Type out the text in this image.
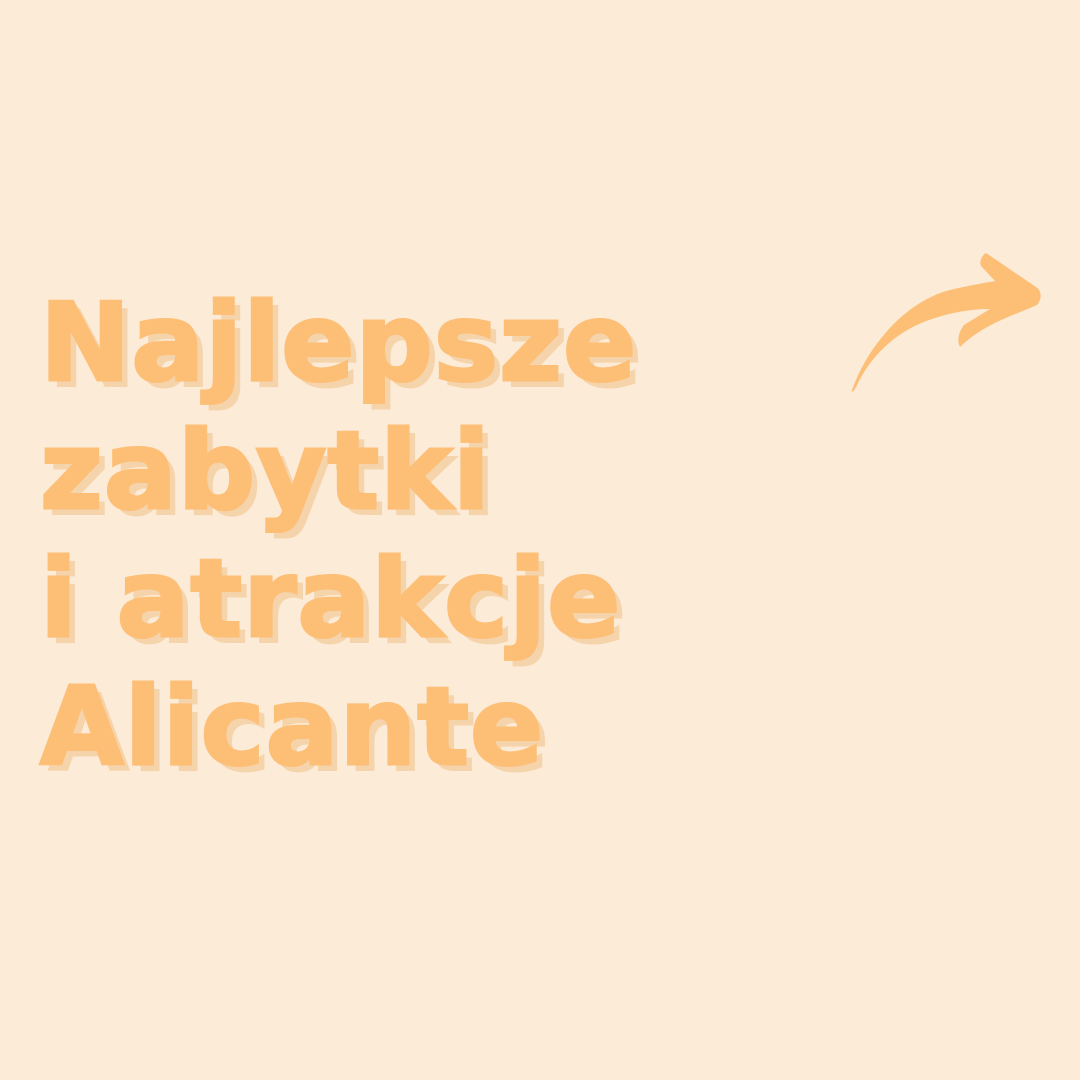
Najlepsze
zabytki
i atrakcje
Alicante
